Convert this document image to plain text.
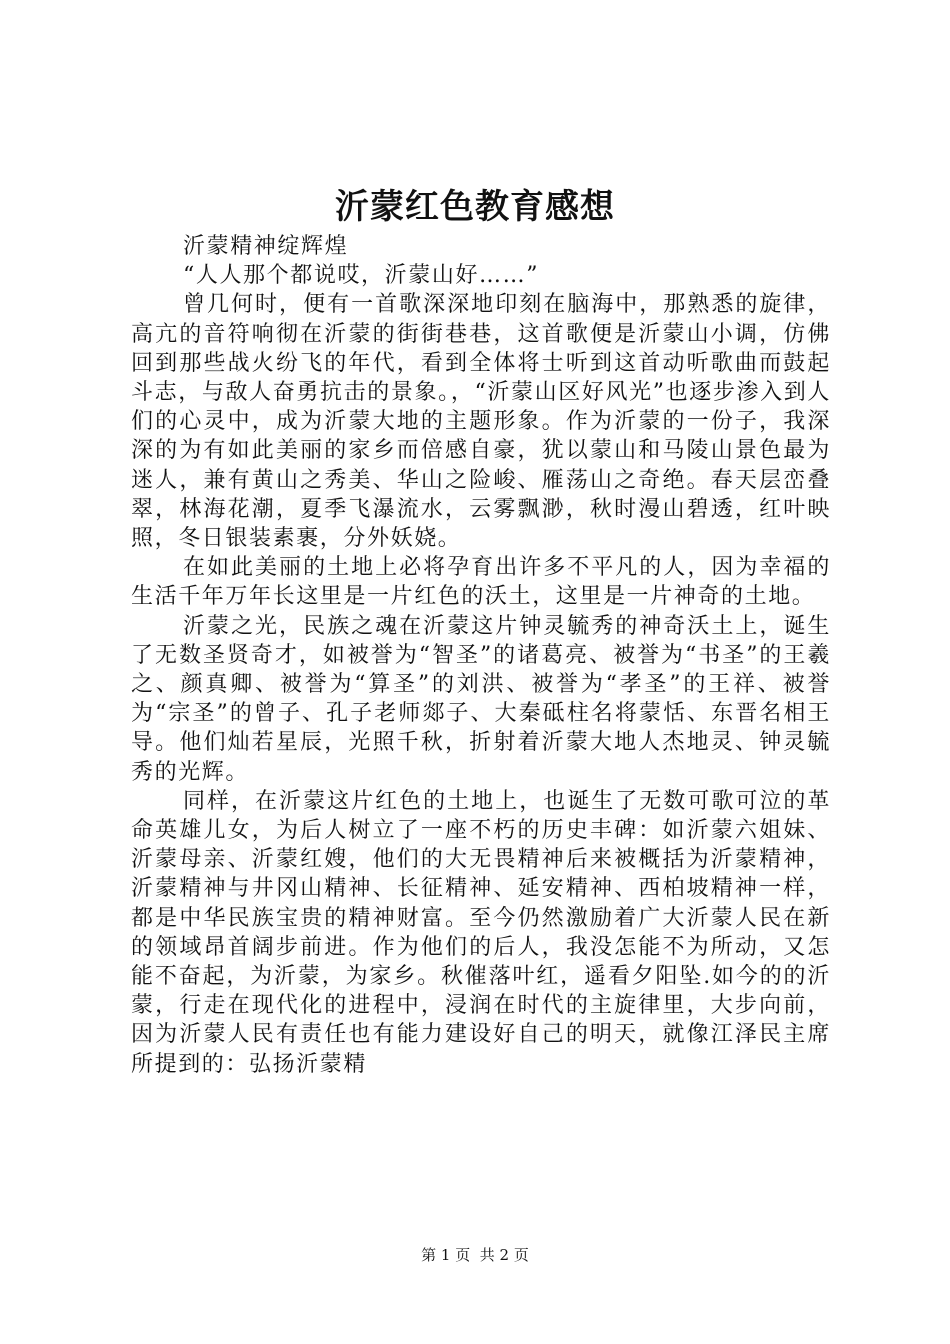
沂蒙红色教育感想

沂蒙精神绽辉煌

“人人那个都说哎，沂蒙山好……”

曾几何时，便有一首歌深深地印刻在脑海中，那熟悉的旋律，高亢的音符响彻在沂蒙的街街巷巷，这首歌便是沂蒙山小调，仿佛回到那些战火纷飞的年代，看到全体将士听到这首动听歌曲而鼓起斗志，与敌人奋勇抗击的景象。，“沂蒙山区好风光”也逐步渗入到人们的心灵中，成为沂蒙大地的主题形象。作为沂蒙的一份子，我深深的为有如此美丽的家乡而倍感自豪，犹以蒙山和马陵山景色最为迷人，兼有黄山之秀美、华山之险峻、雁荡山之奇绝。春天层峦叠翠，林海花潮，夏季飞瀑流水，云雾飘渺，秋时漫山碧透，红叶映照，冬日银装素裹，分外妖娆。

在如此美丽的土地上必将孕育出许多不平凡的人，因为幸福的生活千年万年长这里是一片红色的沃土，这里是一片神奇的土地。

沂蒙之光，民族之魂在沂蒙这片钟灵毓秀的神奇沃土上，诞生了无数圣贤奇才，如被誉为“智圣”的诸葛亮、被誉为“书圣”的王羲之、颜真卿、被誉为“算圣”的刘洪、被誉为“孝圣”的王祥、被誉为“宗圣”的曾子、孔子老师郯子、大秦砥柱名将蒙恬、东晋名相王导。他们灿若星辰，光照千秋，折射着沂蒙大地人杰地灵、钟灵毓秀的光辉。

同样，在沂蒙这片红色的土地上，也诞生了无数可歌可泣的革命英雄儿女，为后人树立了一座不朽的历史丰碑：如沂蒙六姐妹、沂蒙母亲、沂蒙红嫂，他们的大无畏精神后来被概括为沂蒙精神，沂蒙精神与井冈山精神、长征精神、延安精神、西柏坡精神一样，都是中华民族宝贵的精神财富。至今仍然激励着广大沂蒙人民在新的领域昂首阔步前进。作为他们的后人，我没怎能不为所动，又怎能不奋起，为沂蒙，为家乡。秋催落叶红，遥看夕阳坠.如今的的沂蒙，行走在现代化的进程中，浸润在时代的主旋律里，大步向前，因为沂蒙人民有责任也有能力建设好自己的明天，就像江泽民主席所提到的：弘扬沂蒙精

第 1 页  共 2 页
